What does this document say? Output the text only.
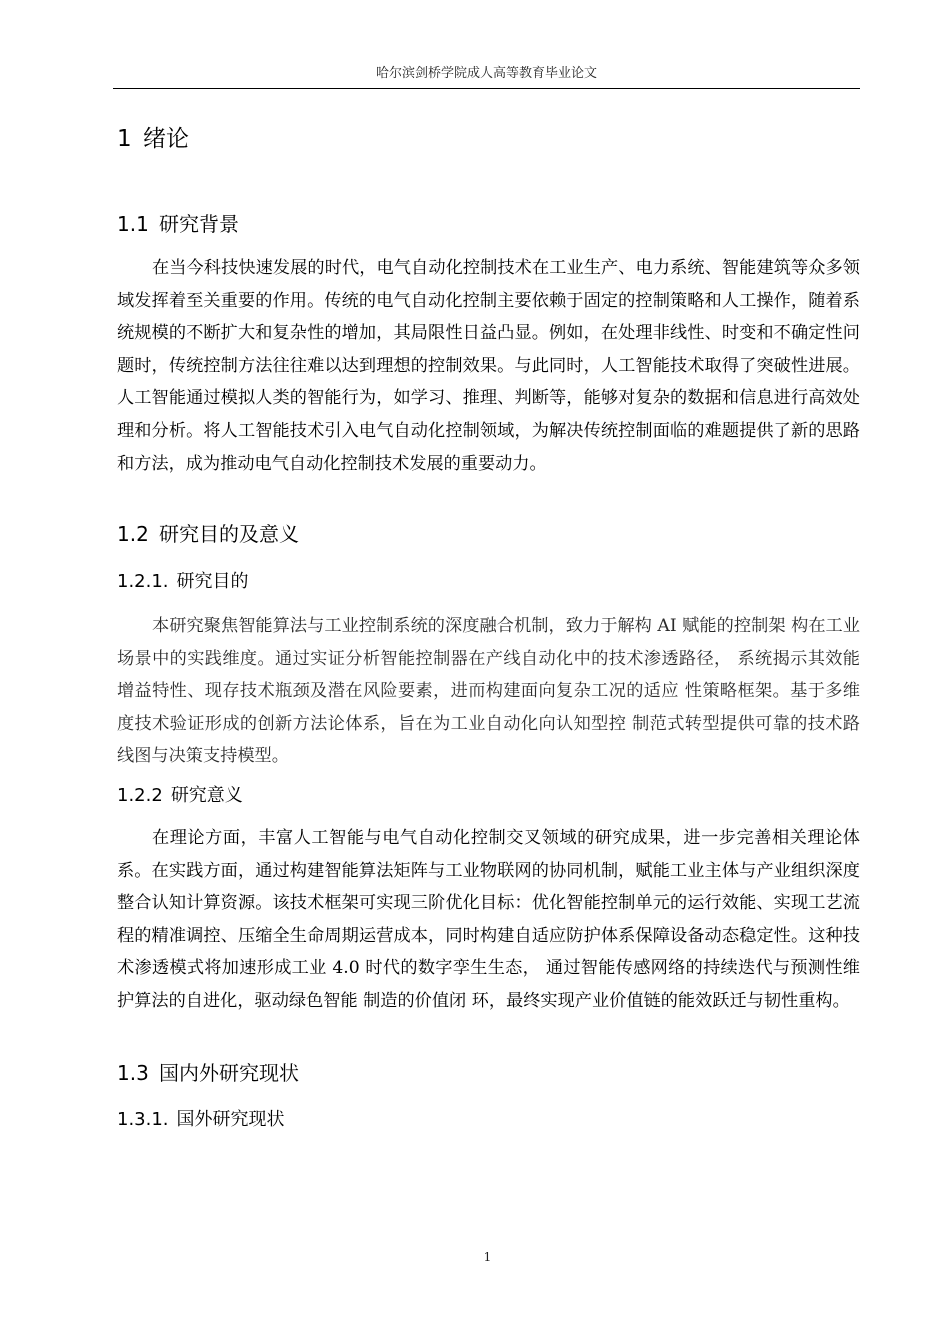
哈尔滨剑桥学院成人高等教育毕业论文
1 绪论
1.1 研究背景

在当今科技快速发展的时代，电气自动化控制技术在工业生产、电力系统、智能建筑等众多领域发挥着至关重要的作用。传统的电气自动化控制主要依赖于固定的控制策略和人工操作，随着系统规模的不断扩大和复杂性的增加，其局限性日益凸显。例如，在处理非线性、时变和不确定性问题时，传统控制方法往往难以达到理想的控制效果。与此同时，人工智能技术取得了突破性进展。人工智能通过模拟人类的智能行为，如学习、推理、判断等，能够对复杂的数据和信息进行高效处理和分析。将人工智能技术引入电气自动化控制领域，为解决传统控制面临的难题提供了新的思路和方法，成为推动电气自动化控制技术发展的重要动力。

1.2 研究目的及意义
1.2.1. 研究目的

本研究聚焦智能算法与工业控制系统的深度融合机制，致力于解构 AI 赋能的控制架 构在工业场景中的实践维度。通过实证分析智能控制器在产线自动化中的技术渗透路径， 系统揭示其效能增益特性、现存技术瓶颈及潜在风险要素，进而构建面向复杂工况的适应 性策略框架。基于多维度技术验证形成的创新方法论体系，旨在为工业自动化向认知型控 制范式转型提供可靠的技术路线图与决策支持模型。

1.2.2 研究意义

在理论方面，丰富人工智能与电气自动化控制交叉领域的研究成果，进一步完善相关理论体系。在实践方面，通过构建智能算法矩阵与工业物联网的协同机制，赋能工业主体与产业组织深度整合认知计算资源。该技术框架可实现三阶优化目标：优化智能控制单元的运行效能、实现工艺流程的精准调控、压缩全生命周期运营成本，同时构建自适应防护体系保障设备动态稳定性。这种技术渗透模式将加速形成工业 4.0 时代的数字孪生生态， 通过智能传感网络的持续迭代与预测性维护算法的自进化，驱动绿色智能 制造的价值闭 环，最终实现产业价值链的能效跃迁与韧性重构。

1.3 国内外研究现状
1.3.1. 国外研究现状
1
